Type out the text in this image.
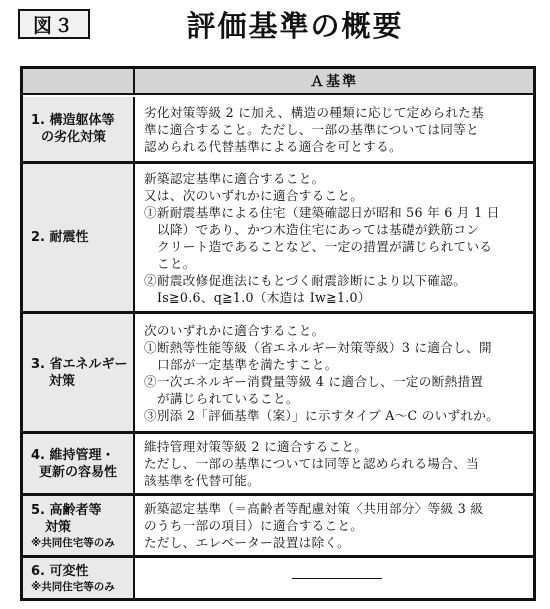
図３	評価基準の概要
Ａ基準
1. 構造躯体等
の劣化対策

劣化対策等級 2 に加え、構造の種類に応じて定められた基

準に適合すること。ただし、一部の基準については同等と

認められる代替基準による適合を可とする。

2. 耐震性

新築認定基準に適合すること。

又は、次のいずれかに適合すること。

①新耐震基準による住宅（建築確認日が昭和 56 年 6 月 1 日

以降）であり、かつ木造住宅にあっては基礎が鉄筋コン

クリート造であることなど、一定の措置が講じられている

こと。

②耐震改修促進法にもとづく耐震診断により以下確認。

Is≧0.6、q≧1.0（木造は Iw≧1.0）

3. 省エネルギー
対策

次のいずれかに適合すること。

①断熱等性能等級（省エネルギー対策等級）3 に適合し、開

口部が一定基準を満たすこと。

②一次エネルギー消費量等級 4 に適合し、一定の断熱措置

が講じられていること。

③別添 2「評価基準（案）」に示すタイプ A〜C のいずれか。

4. 維持管理・
更新の容易性

維持管理対策等級 2 に適合すること。

ただし、一部の基準については同等と認められる場合、当

該基準を代替可能。

5. 高齢者等
対策
※共同住宅等のみ

新築認定基準（＝高齢者等配慮対策〈共用部分〉等級 3 級

のうち一部の項目）に適合すること。

ただし、エレベーター設置は除く。

6. 可変性
※共同住宅等のみ
